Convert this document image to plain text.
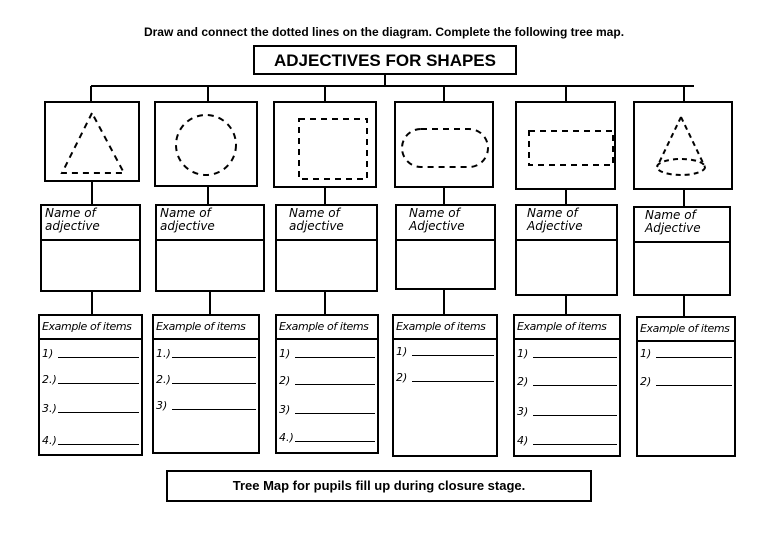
Draw and connect the dotted lines on the diagram. Complete the following tree map.
ADJECTIVES FOR SHAPES
Name of adjective
Example of items
1)
2.)
3.)
4.)
Name of adjective
Example of items
1.)
2.)
3)
Name of adjective
Example of items
1)
2)
3)
4.)
Name of Adjective
Example of items
1)
2)
Name of Adjective
Example of items
1)
2)
3)
4)
Name of Adjective
Example of items
1)
2)
Tree Map for pupils fill up during closure stage.
